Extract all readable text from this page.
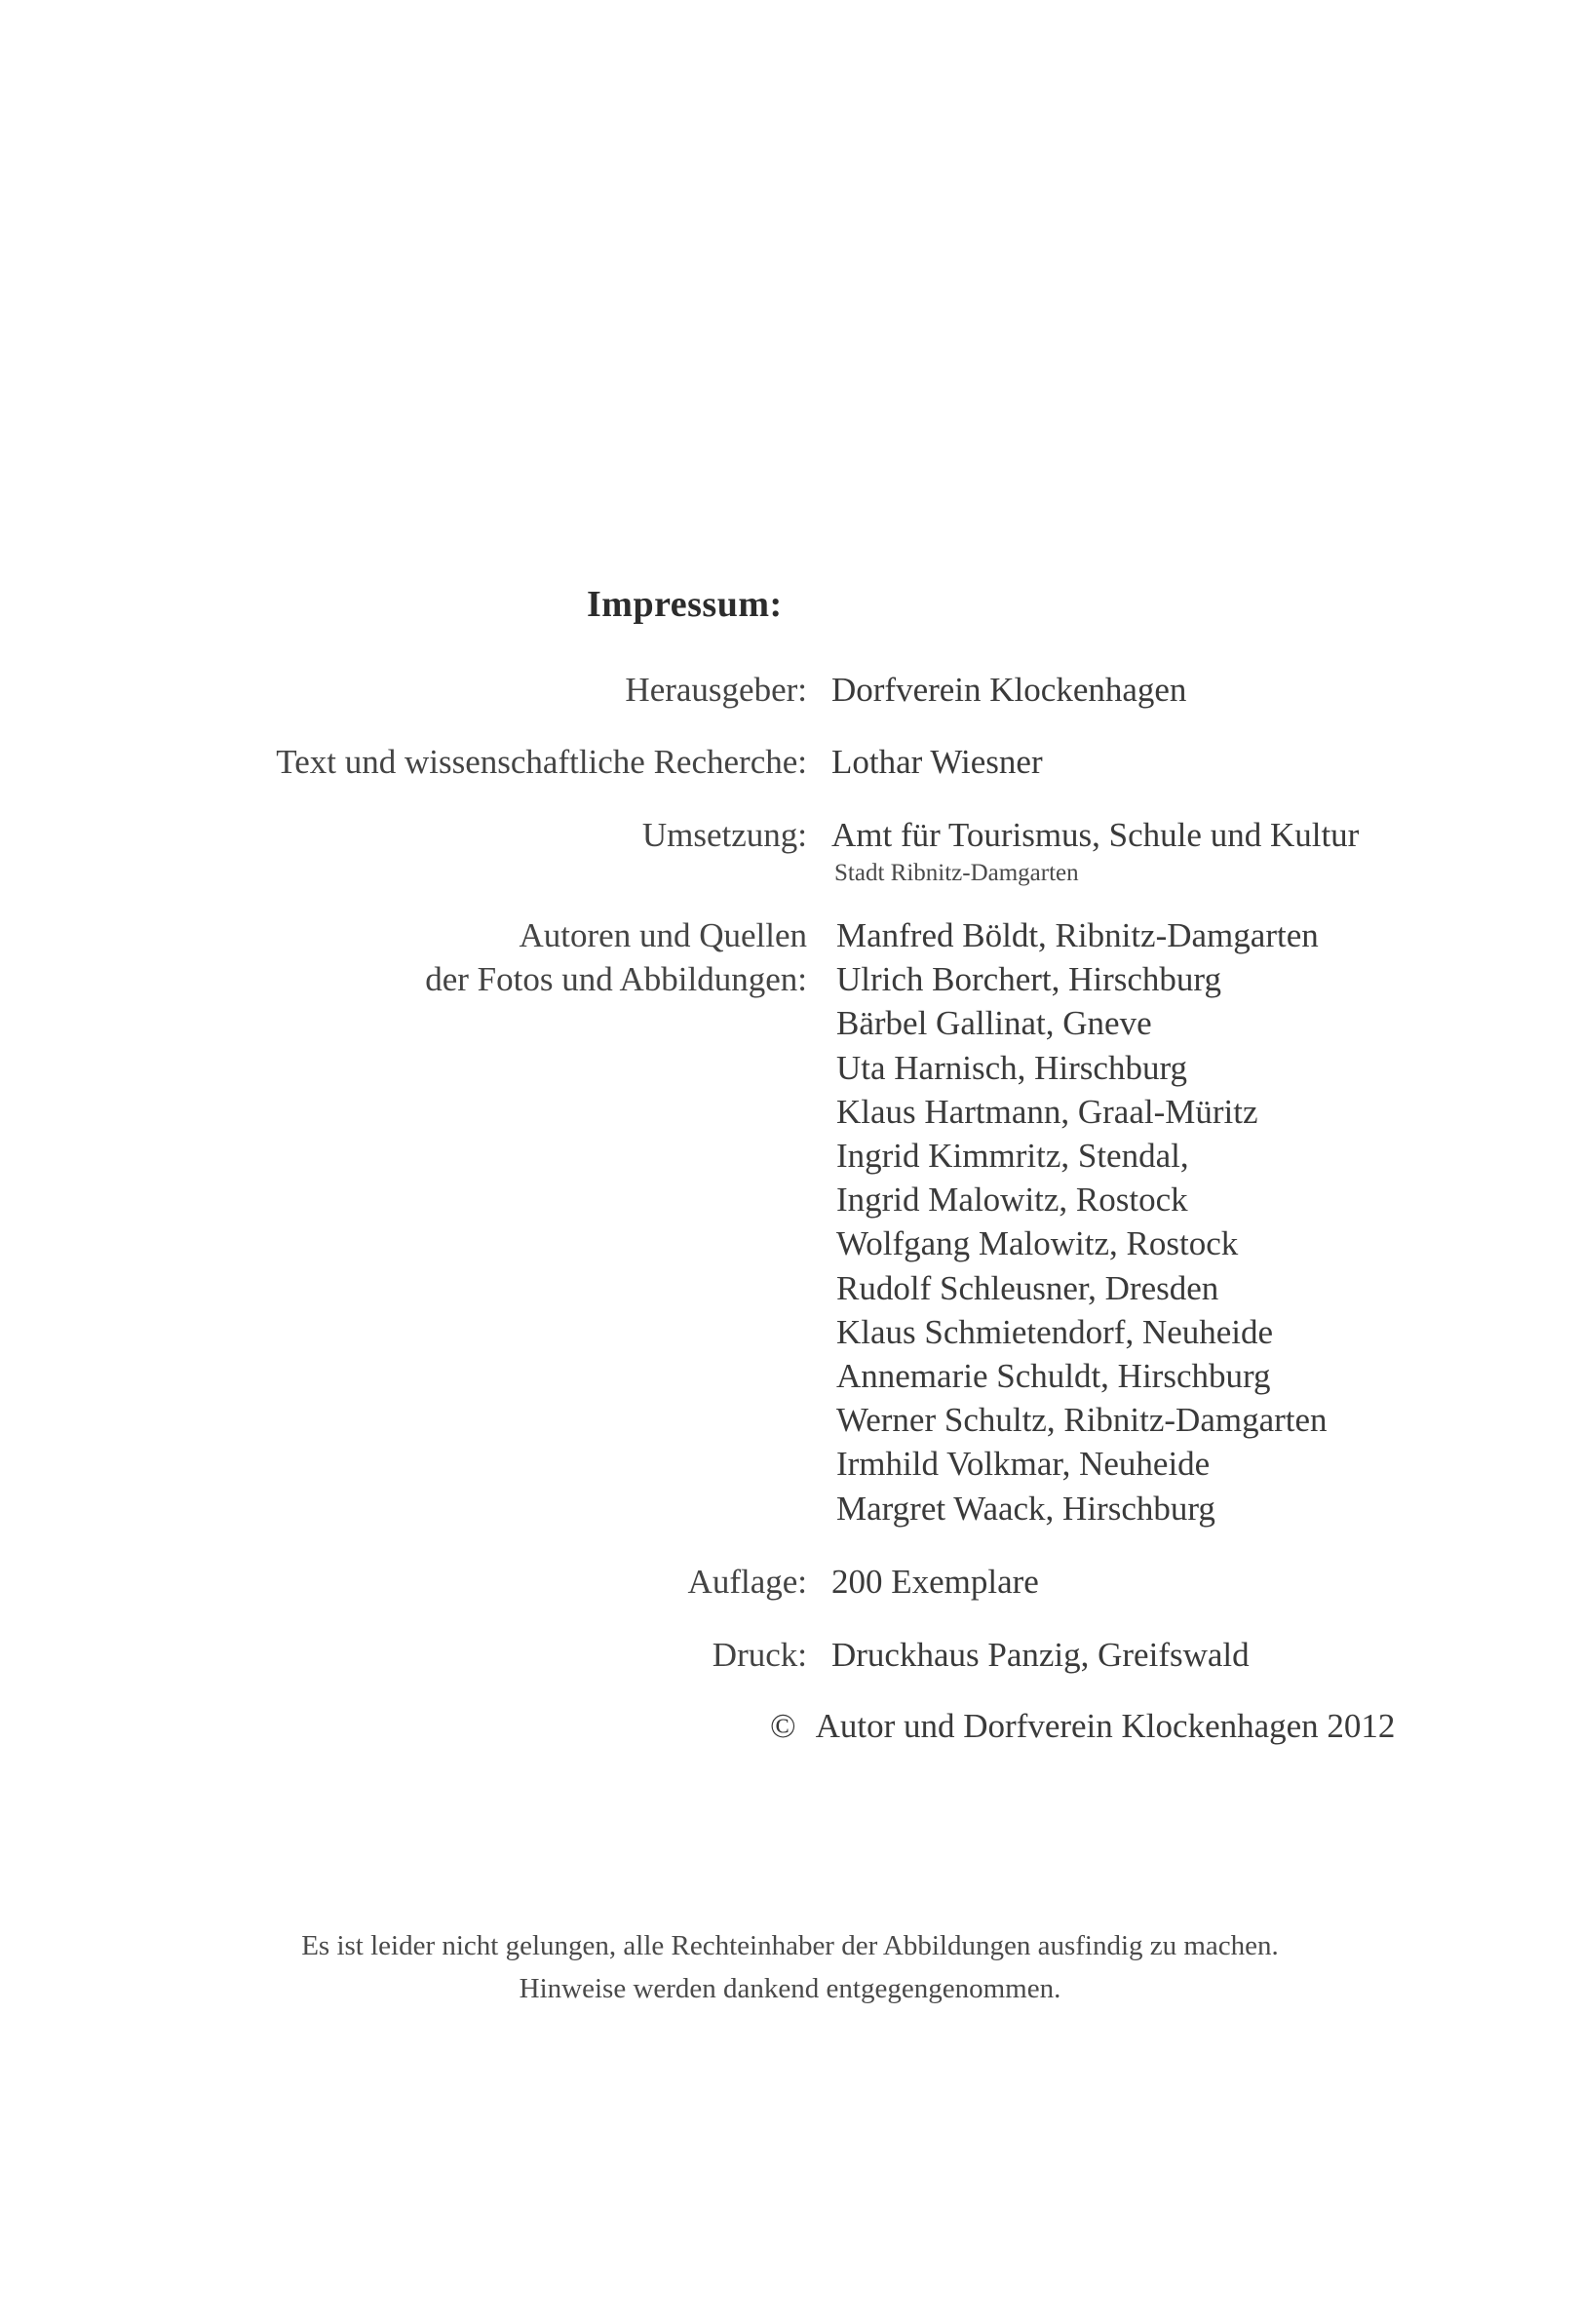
Impressum:
Herausgeber: Dorfverein Klockenhagen
Text und wissenschaftliche Recherche: Lothar Wiesner
Umsetzung: Amt für Tourismus, Schule und Kultur
Stadt Ribnitz-Damgarten
Autoren und Quellen
der Fotos und Abbildungen:
Manfred Böldt, Ribnitz-Damgarten
Ulrich Borchert, Hirschburg
Bärbel Gallinat, Gneve
Uta Harnisch, Hirschburg
Klaus Hartmann, Graal-Müritz
Ingrid Kimmritz, Stendal,
Ingrid Malowitz, Rostock
Wolfgang Malowitz, Rostock
Rudolf Schleusner, Dresden
Klaus Schmietendorf, Neuheide
Annemarie Schuldt, Hirschburg
Werner Schultz, Ribnitz-Damgarten
Irmhild Volkmar, Neuheide
Margret Waack, Hirschburg
Auflage: 200 Exemplare
Druck: Druckhaus Panzig, Greifswald
© Autor und Dorfverein Klockenhagen 2012
Es ist leider nicht gelungen, alle Rechteinhaber der Abbildungen ausfindig zu machen.
Hinweise werden dankend entgegengenommen.
